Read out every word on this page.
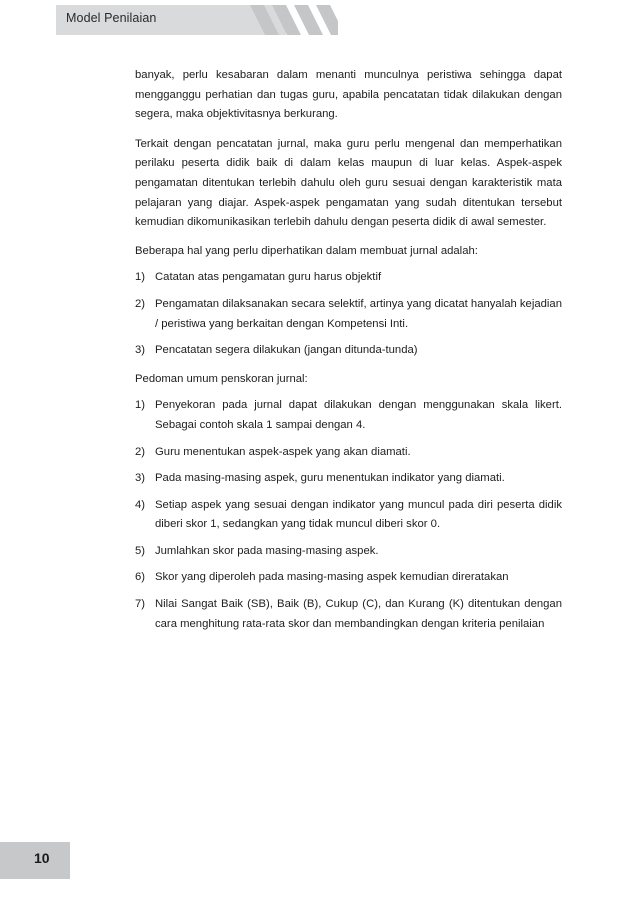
Model Penilaian

banyak, perlu kesabaran dalam menanti munculnya peristiwa sehingga dapat mengganggu perhatian dan tugas guru, apabila pencatatan tidak dilakukan dengan segera, maka objektivitasnya berkurang.

Terkait dengan pencatatan jurnal, maka guru perlu mengenal dan memperhatikan perilaku peserta didik baik di dalam kelas maupun di luar kelas. Aspek-aspek pengamatan ditentukan terlebih dahulu oleh guru sesuai dengan karakteristik mata pelajaran yang diajar. Aspek-aspek pengamatan yang sudah ditentukan tersebut kemudian dikomunikasikan terlebih dahulu dengan peserta didik di awal semester.

Beberapa hal yang perlu diperhatikan dalam membuat jurnal adalah:

1) Catatan atas pengamatan guru harus objektif
2) Pengamatan dilaksanakan secara selektif, artinya yang dicatat hanyalah kejadian / peristiwa yang berkaitan dengan Kompetensi Inti.
3) Pencatatan segera dilakukan (jangan ditunda-tunda)

Pedoman umum penskoran jurnal:

1) Penyekoran pada jurnal dapat dilakukan dengan menggunakan skala likert. Sebagai contoh skala 1 sampai dengan 4.
2) Guru menentukan aspek-aspek yang akan diamati.
3) Pada masing-masing aspek, guru menentukan indikator yang diamati.
4) Setiap aspek yang sesuai dengan indikator yang muncul pada diri peserta didik diberi skor 1, sedangkan yang tidak muncul diberi skor 0.
5) Jumlahkan skor pada masing-masing aspek.
6) Skor yang diperoleh pada masing-masing aspek kemudian direratakan
7) Nilai Sangat Baik (SB), Baik (B), Cukup (C), dan Kurang (K) ditentukan dengan cara menghitung rata-rata skor dan membandingkan dengan kriteria penilaian
10
